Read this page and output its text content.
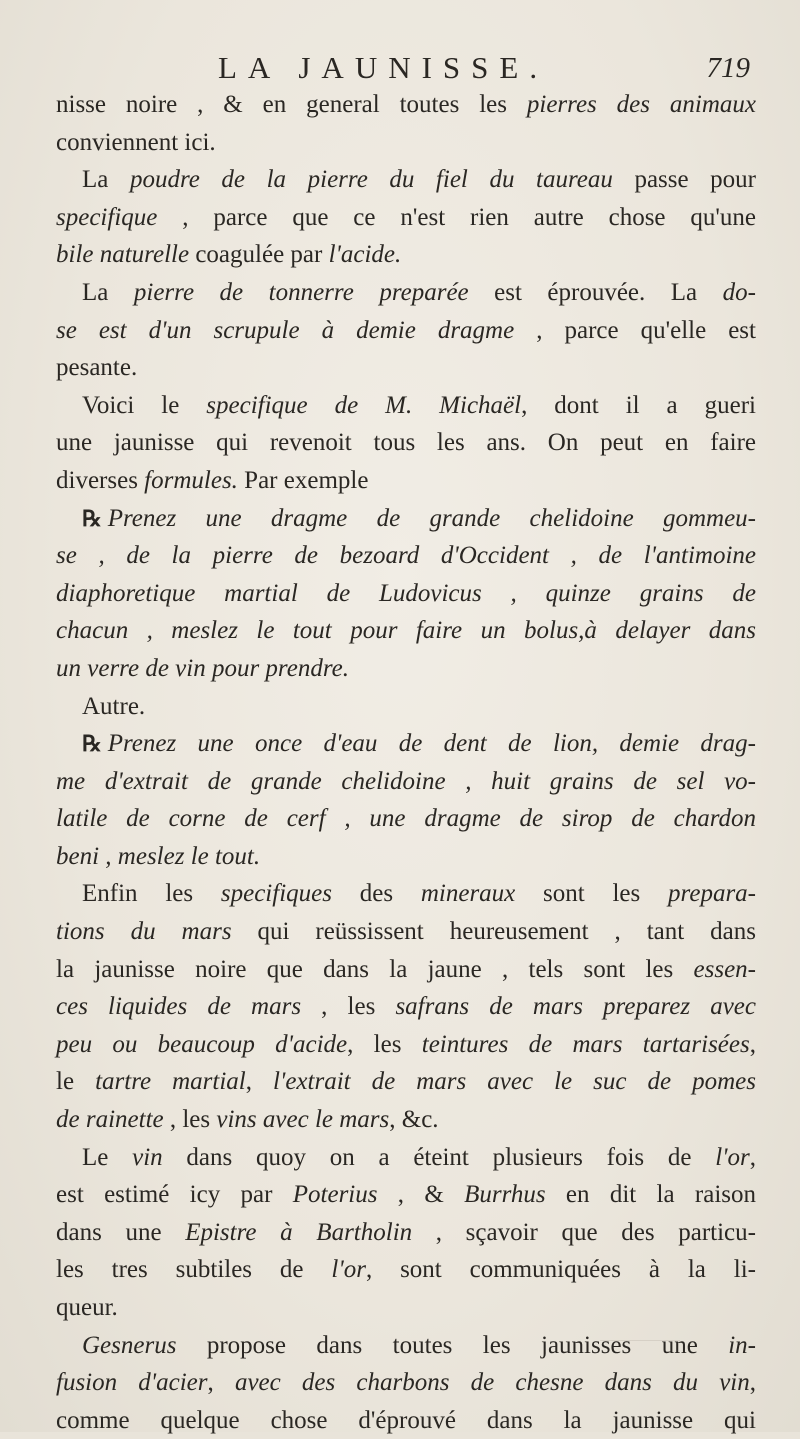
LA JAUNISSE.	719
nisse noire , & en general toutes les pierres des animaux
conviennent ici.
La poudre de la pierre du fiel du taureau passe pour
specifique , parce que ce n'est rien autre chose qu'une
bile naturelle coagulée par l'acide.
La pierre de tonnerre preparée est éprouvée. La do-
se est d'un scrupule à demie dragme , parce qu'elle est
pesante.
Voici le specifique de M. Michaël, dont il a gueri
une jaunisse qui revenoit tous les ans. On peut en faire
diverses formules. Par exemple
℞ Prenez une dragme de grande chelidoine gommeu-
se , de la pierre de bezoard d'Occident , de l'antimoine
diaphoretique martial de Ludovicus , quinze grains de
chacun , meslez le tout pour faire un bolus,à delayer dans
un verre de vin pour prendre.
Autre.
℞ Prenez une once d'eau de dent de lion, demie drag-
me d'extrait de grande chelidoine , huit grains de sel vo-
latile de corne de cerf , une dragme de sirop de chardon
beni , meslez le tout.
Enfin les specifiques des mineraux sont les prepara-
tions du mars qui reüssissent heureusement , tant dans
la jaunisse noire que dans la jaune , tels sont les essen-
ces liquides de mars , les safrans de mars preparez avec
peu ou beaucoup d'acide, les teintures de mars tartarisées,
le tartre martial, l'extrait de mars avec le suc de pomes
de rainette , les vins avec le mars, &c.
Le vin dans quoy on a éteint plusieurs fois de l'or,
est estimé icy par Poterius , & Burrhus en dit la raison
dans une Epistre à Bartholin , sçavoir que des particu-
les tres subtiles de l'or, sont communiquées à la li-
queur.
Gesnerus propose dans toutes les jaunisses une in-
fusion d'acier, avec des charbons de chesne dans du vin,
comme quelque chose d'éprouvé dans la jaunisse qui
